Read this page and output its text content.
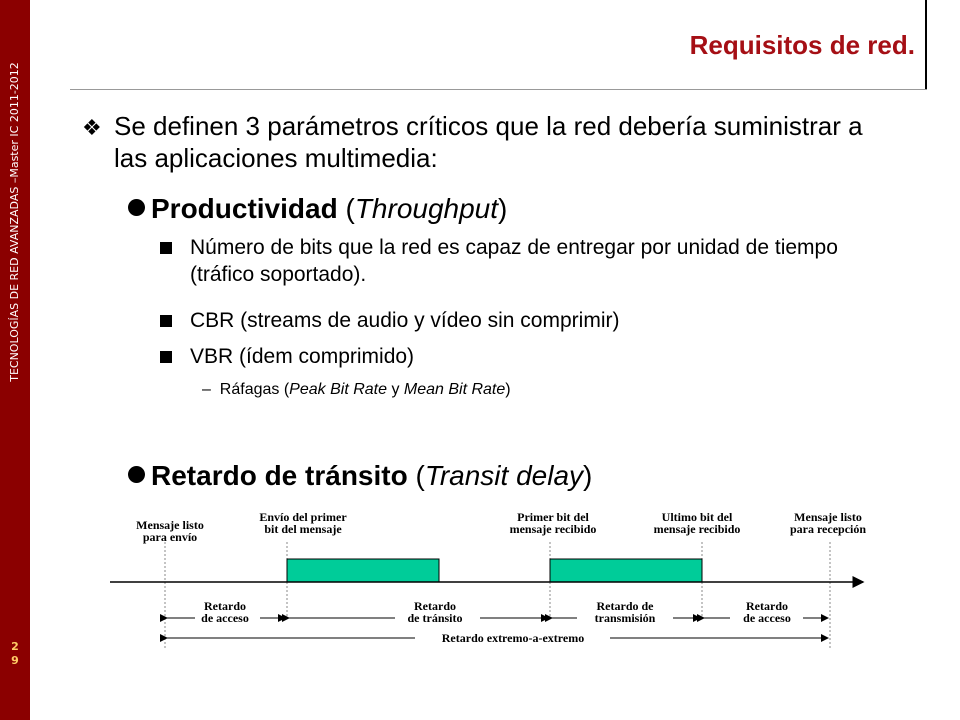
TECNOLOGÍAS DE RED AVANZADAS –Master IC 2011-2012
2
9
Requisitos de red.
❖ Se definen 3 parámetros críticos que la red debería suministrar a las aplicaciones multimedia:
Productividad (Throughput)
Número de bits que la red es capaz de entregar por unidad de tiempo (tráfico soportado).
CBR (streams de audio y vídeo sin comprimir)
VBR (ídem comprimido)
–  Ráfagas (Peak Bit Rate y Mean Bit Rate)
Retardo de tránsito (Transit delay)
Mensaje listo
para envío
Envío del primer
bit del mensaje
Primer bit del
mensaje recibido
Ultimo bit del
mensaje recibido
Mensaje listo
para recepción
Retardo
de acceso
Retardo
de tránsito
Retardo de
transmisión
Retardo
de acceso
Retardo extremo-a-extremo
